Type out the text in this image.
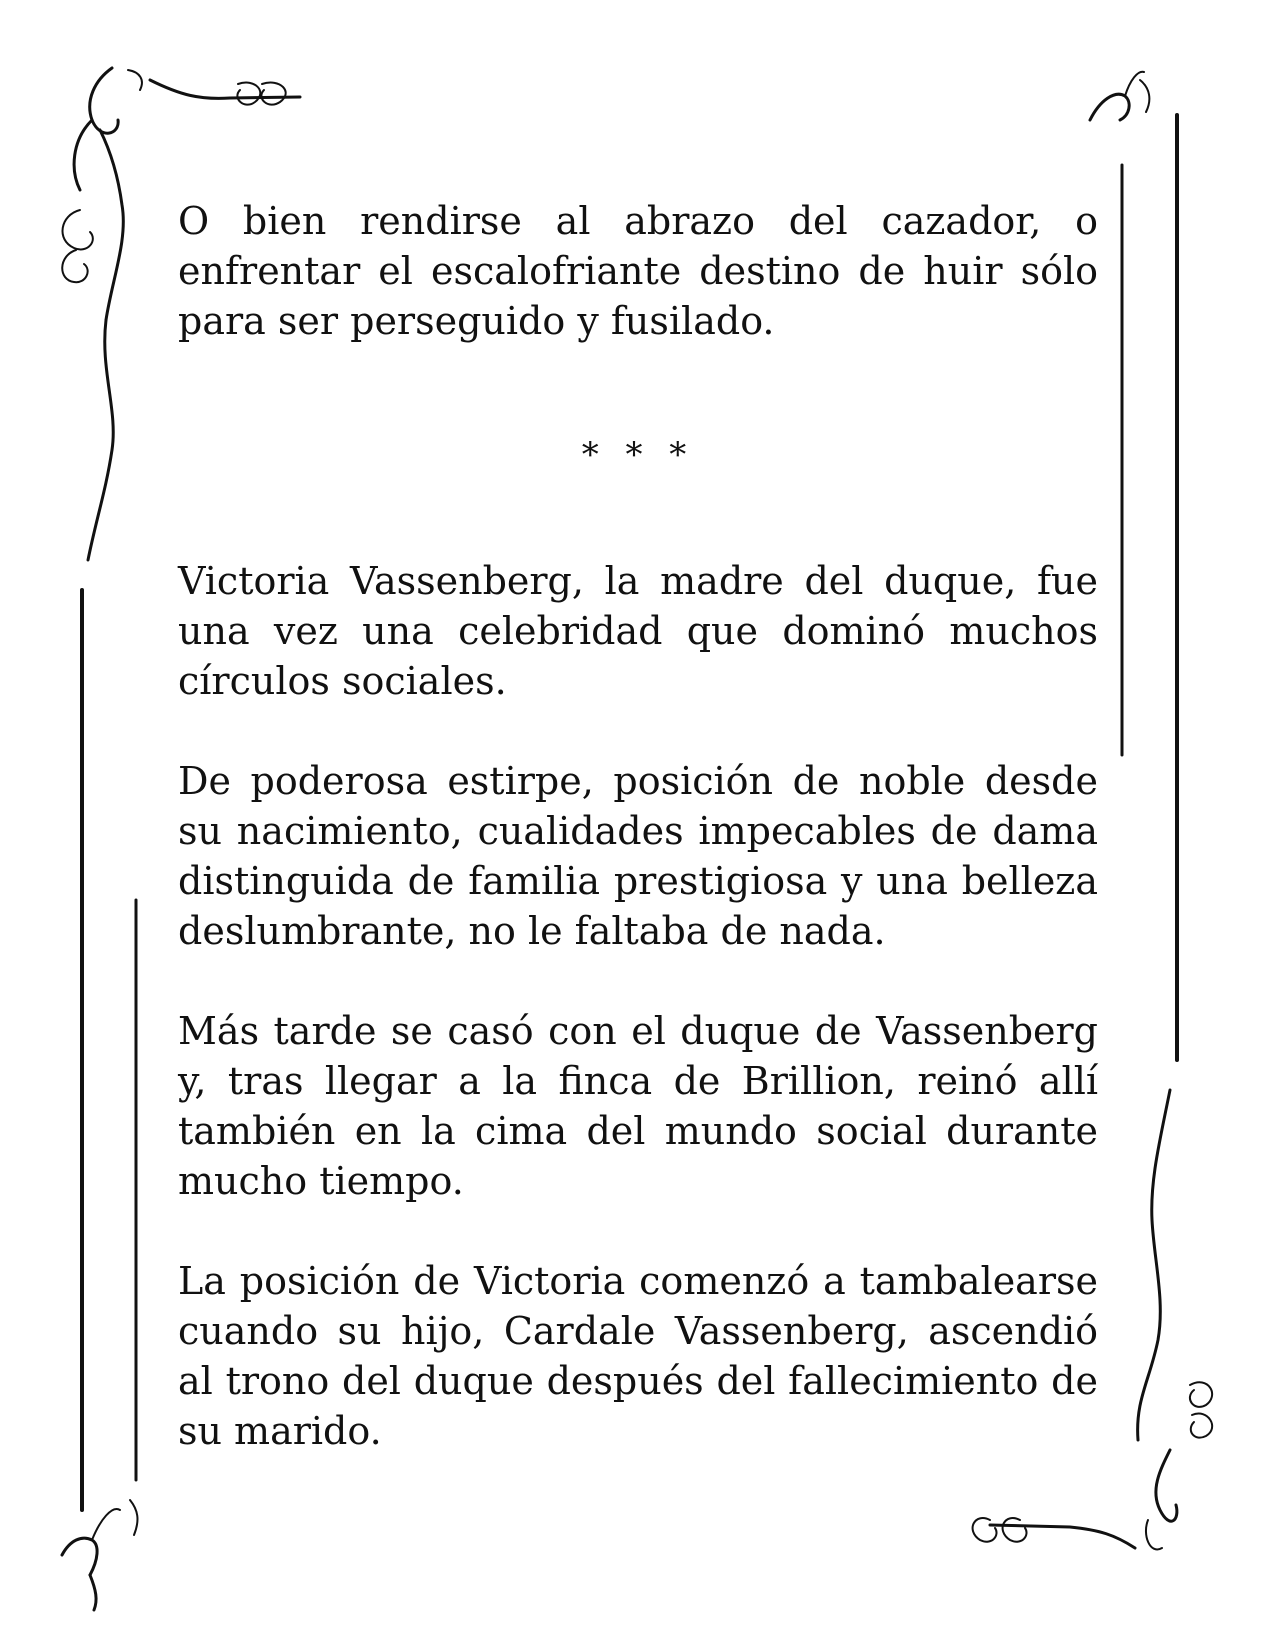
O bien rendirse al abrazo del cazador, o enfrentar el escalofriante destino de huir sólo para ser perseguido y fusilado.

* * *

Victoria Vassenberg, la madre del duque, fue una vez una celebridad que dominó muchos círculos sociales.

De poderosa estirpe, posición de noble desde su nacimiento, cualidades impecables de dama distinguida de familia prestigiosa y una belleza deslumbrante, no le faltaba de nada.

Más tarde se casó con el duque de Vassenberg y, tras llegar a la finca de Brillion, reinó allí también en la cima del mundo social durante mucho tiempo.

La posición de Victoria comenzó a tambalearse cuando su hijo, Cardale Vassenberg, ascendió al trono del duque después del fallecimiento de su marido.
